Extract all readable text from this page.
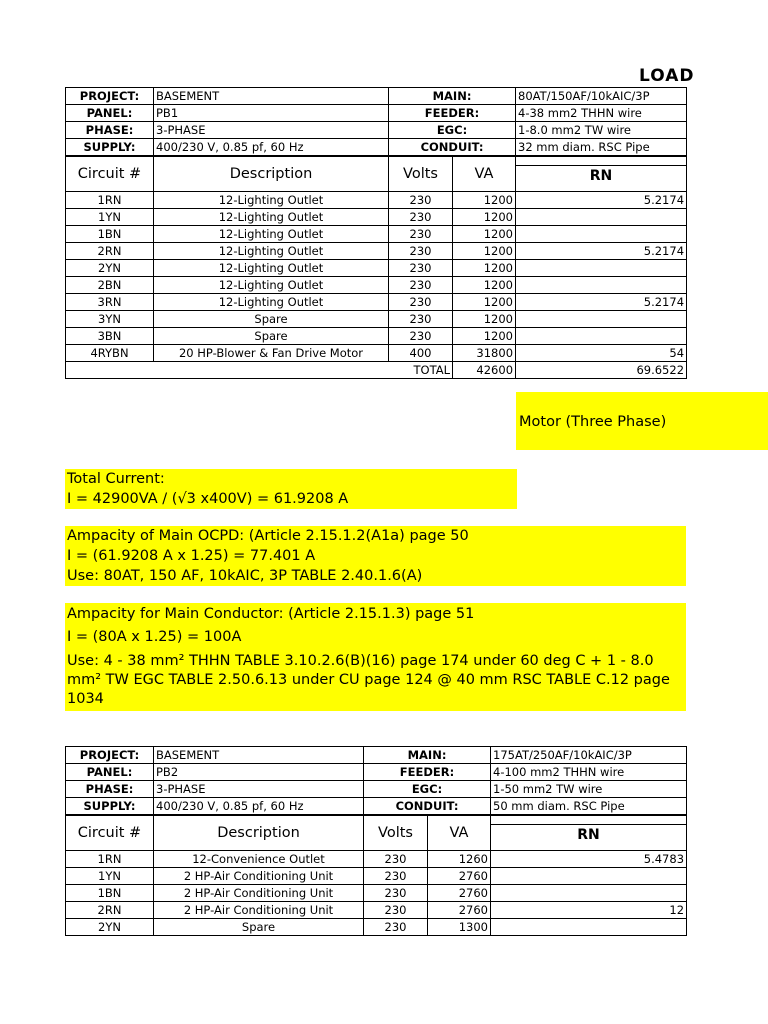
LOAD
PROJECT:	BASEMENT	MAIN:		80AT/150AF/10kAIC/3P
PANEL:	PB1	FEEDER:		4-38 mm2 THHN wire
PHASE:	3-PHASE	EGC:		1-8.0 mm2 TW wire
SUPPLY:	400/230 V, 0.85 pf, 60 Hz	CONDUIT:		32 mm diam. RSC Pipe
Circuit #	Description	Volts	VA	RN

1RN	12-Lighting Outlet	230	1200	5.2174
1YN	12-Lighting Outlet	230	1200	
1BN	12-Lighting Outlet	230	1200	
2RN	12-Lighting Outlet	230	1200	5.2174
2YN	12-Lighting Outlet	230	1200	
2BN	12-Lighting Outlet	230	1200	
3RN	12-Lighting Outlet	230	1200	5.2174
3YN	Spare	230	1200	
3BN	Spare	230	1200	
4RYBN	20 HP-Blower & Fan Drive Motor	400	31800	54
TOTAL			42600	69.6522
Motor (Three Phase)
Total Current:
I = 42900VA / (√3 x400V) = 61.9208 A
Ampacity of Main OCPD: (Article 2.15.1.2(A1a) page 50
I = (61.9208 A x 1.25) = 77.401 A
Use: 80AT, 150 AF, 10kAIC, 3P TABLE 2.40.1.6(A)
Ampacity for Main Conductor: (Article 2.15.1.3) page 51
I = (80A x 1.25) = 100A
Use: 4 - 38 mm² THHN TABLE 3.10.2.6(B)(16) page 174 under 60 deg C + 1 - 8.0 mm² TW EGC TABLE 2.50.6.13 under CU page 124 @ 40 mm RSC TABLE C.12 page 1034
PROJECT:	BASEMENT	MAIN:		175AT/250AF/10kAIC/3P
PANEL:	PB2	FEEDER:		4-100 mm2 THHN wire
PHASE:	3-PHASE	EGC:		1-50 mm2 TW wire
SUPPLY:	400/230 V, 0.85 pf, 60 Hz	CONDUIT:		50 mm diam. RSC Pipe
Circuit #	Description	Volts	VA	RN

1RN	12-Convenience Outlet	230	1260	5.4783
1YN	2 HP-Air Conditioning Unit	230	2760	
1BN	2 HP-Air Conditioning Unit	230	2760	
2RN	2 HP-Air Conditioning Unit	230	2760	12
2YN	Spare	230	1300	
